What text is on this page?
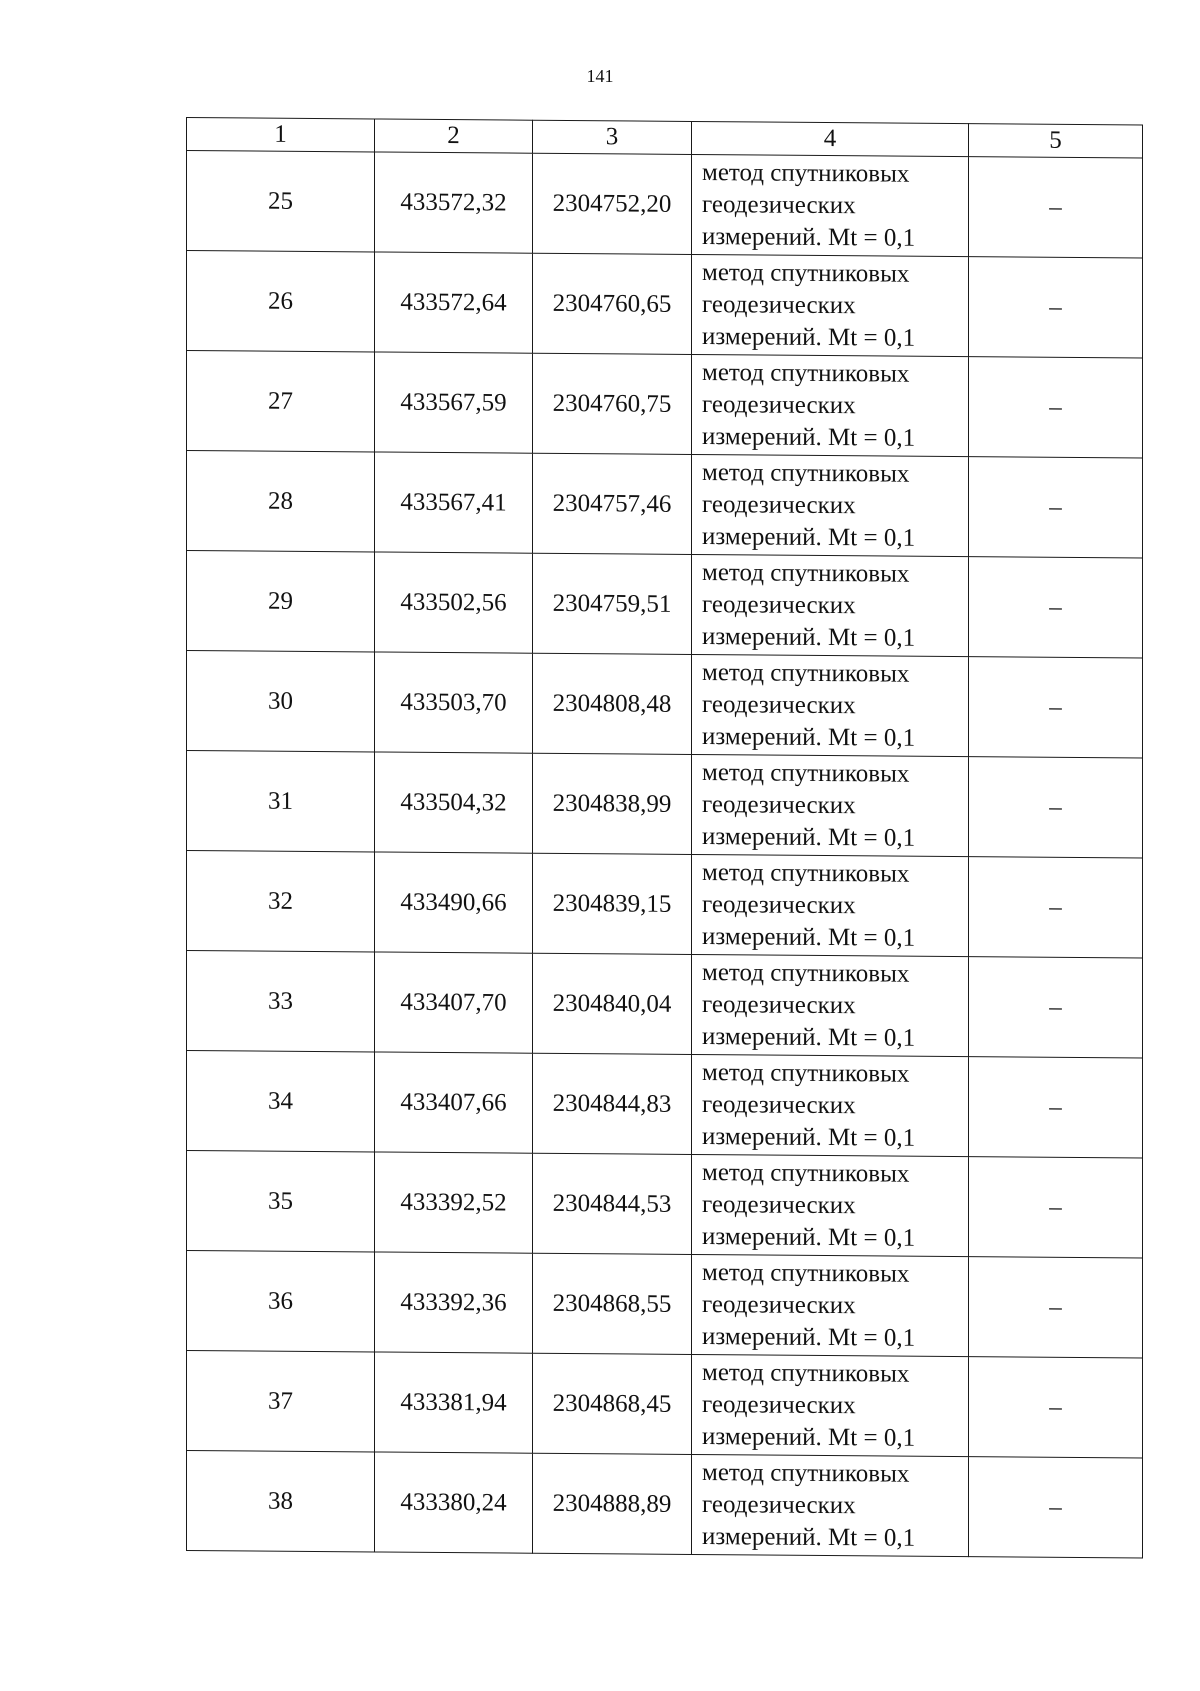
141
1	2	3	4	5
25	433572,32	2304752,20	метод спутниковых
геодезических
измерений. Mt = 0,1	–
26	433572,64	2304760,65	метод спутниковых
геодезических
измерений. Mt = 0,1	–
27	433567,59	2304760,75	метод спутниковых
геодезических
измерений. Mt = 0,1	–
28	433567,41	2304757,46	метод спутниковых
геодезических
измерений. Mt = 0,1	–
29	433502,56	2304759,51	метод спутниковых
геодезических
измерений. Mt = 0,1	–
30	433503,70	2304808,48	метод спутниковых
геодезических
измерений. Mt = 0,1	–
31	433504,32	2304838,99	метод спутниковых
геодезических
измерений. Mt = 0,1	–
32	433490,66	2304839,15	метод спутниковых
геодезических
измерений. Mt = 0,1	–
33	433407,70	2304840,04	метод спутниковых
геодезических
измерений. Mt = 0,1	–
34	433407,66	2304844,83	метод спутниковых
геодезических
измерений. Mt = 0,1	–
35	433392,52	2304844,53	метод спутниковых
геодезических
измерений. Mt = 0,1	–
36	433392,36	2304868,55	метод спутниковых
геодезических
измерений. Mt = 0,1	–
37	433381,94	2304868,45	метод спутниковых
геодезических
измерений. Mt = 0,1	–
38	433380,24	2304888,89	метод спутниковых
геодезических
измерений. Mt = 0,1	–
